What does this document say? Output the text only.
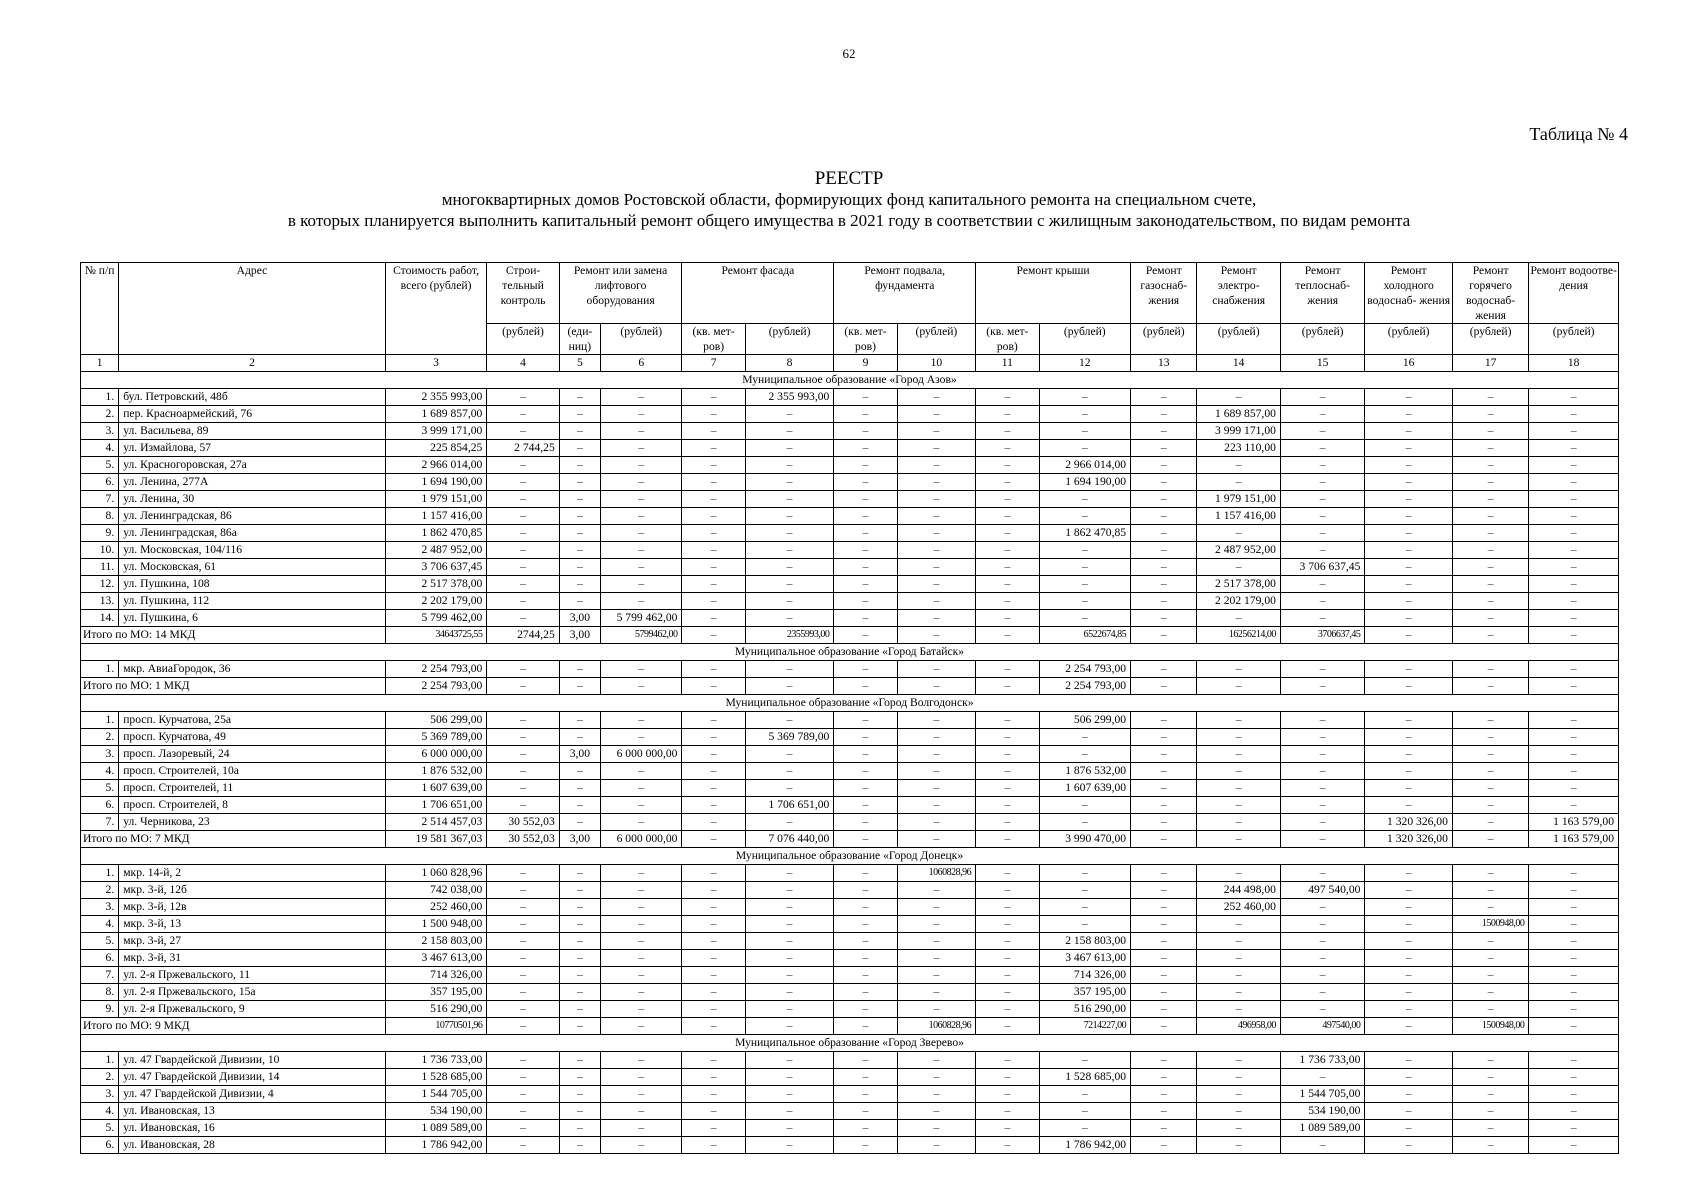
62
Таблица № 4
РЕЕСТР
многоквартирных домов Ростовской области, формирующих фонд капитального ремонта на специальном счете,
в которых планируется выполнить капитальный ремонт общего имущества в 2021 году в соответствии с жилищным законодательством, по видам ремонта
№ п/п	Адрес	Стоимость работ, всего (рублей)	Строи- тельный контроль	Ремонт или замена лифтового оборудования		Ремонт фасада		Ремонт подвала, фундамента		Ремонт крыши		Ремонт газоснаб- жения	Ремонт электро- снабжения	Ремонт теплоснаб- жения	Ремонт холодного водоснаб- жения	Ремонт горячего водоснаб- жения	Ремонт водоотве- дения
			(рублей)	(еди- ниц)	(рублей)	(кв. мет- ров)	(рублей)	(кв. мет- ров)	(рублей)	(кв. мет- ров)	(рублей)	(рублей)	(рублей)	(рублей)	(рублей)	(рублей)	(рублей)
1	2	3	4	5	6	7	8	9	10	11	12	13	14	15	16	17	18
Муниципальное образование «Город Азов»																	
1.	бул. Петровский, 48б	2 355 993,00	–	–	–	–	2 355 993,00	–	–	–	–	–	–	–	–	–	–
2.	пер. Красноармейский, 76	1 689 857,00	–	–	–	–	–	–	–	–	–	–	1 689 857,00	–	–	–	–
3.	ул. Васильева, 89	3 999 171,00	–	–	–	–	–	–	–	–	–	–	3 999 171,00	–	–	–	–
4.	ул. Измайлова, 57	225 854,25	2 744,25	–	–	–	–	–	–	–	–	–	223 110,00	–	–	–	–
5.	ул. Красногоровская, 27а	2 966 014,00	–	–	–	–	–	–	–	–	2 966 014,00	–	–	–	–	–	–
6.	ул. Ленина, 277А	1 694 190,00	–	–	–	–	–	–	–	–	1 694 190,00	–	–	–	–	–	–
7.	ул. Ленина, 30	1 979 151,00	–	–	–	–	–	–	–	–	–	–	1 979 151,00	–	–	–	–
8.	ул. Ленинградская, 86	1 157 416,00	–	–	–	–	–	–	–	–	–	–	1 157 416,00	–	–	–	–
9.	ул. Ленинградская, 86а	1 862 470,85	–	–	–	–	–	–	–	–	1 862 470,85	–	–	–	–	–	–
10.	ул. Московская, 104/116	2 487 952,00	–	–	–	–	–	–	–	–	–	–	2 487 952,00	–	–	–	–
11.	ул. Московская, 61	3 706 637,45	–	–	–	–	–	–	–	–	–	–	–	3 706 637,45	–	–	–
12.	ул. Пушкина, 108	2 517 378,00	–	–	–	–	–	–	–	–	–	–	2 517 378,00	–	–	–	–
13.	ул. Пушкина, 112	2 202 179,00	–	–	–	–	–	–	–	–	–	–	2 202 179,00	–	–	–	–
14.	ул. Пушкина, 6	5 799 462,00	–	3,00	5 799 462,00	–	–	–	–	–	–	–	–	–	–	–	–
Итого по МО: 14 МКД		34643725,55	2744,25	3,00	5799462,00	–	2355993,00	–	–	–	6522674,85	–	16256214,00	3706637,45	–	–	–
Муниципальное образование «Город Батайск»																	
1.	мкр. АвиаГородок, 36	2 254 793,00	–	–	–	–	–	–	–	–	2 254 793,00	–	–	–	–	–	–
Итого по МО: 1 МКД		2 254 793,00	–	–	–	–	–	–	–	–	2 254 793,00	–	–	–	–	–	–
Муниципальное образование «Город Волгодонск»																	
1.	просп. Курчатова, 25а	506 299,00	–	–	–	–	–	–	–	–	506 299,00	–	–	–	–	–	–
2.	просп. Курчатова, 49	5 369 789,00	–	–	–	–	5 369 789,00	–	–	–	–	–	–	–	–	–	–
3.	просп. Лазоревый, 24	6 000 000,00	–	3,00	6 000 000,00	–	–	–	–	–	–	–	–	–	–	–	–
4.	просп. Строителей, 10а	1 876 532,00	–	–	–	–	–	–	–	–	1 876 532,00	–	–	–	–	–	–
5.	просп. Строителей, 11	1 607 639,00	–	–	–	–	–	–	–	–	1 607 639,00	–	–	–	–	–	–
6.	просп. Строителей, 8	1 706 651,00	–	–	–	–	1 706 651,00	–	–	–	–	–	–	–	–	–	–
7.	ул. Черникова, 23	2 514 457,03	30 552,03	–	–	–	–	–	–	–	–	–	–	–	1 320 326,00	–	1 163 579,00
Итого по МО: 7 МКД		19 581 367,03	30 552,03	3,00	6 000 000,00	–	7 076 440,00	–	–	–	3 990 470,00	–	–	–	1 320 326,00	–	1 163 579,00
Муниципальное образование «Город Донецк»																	
1.	мкр. 14-й, 2	1 060 828,96	–	–	–	–	–	–	1060828,96	–	–	–	–	–	–	–	–
2.	мкр. 3-й, 12б	742 038,00	–	–	–	–	–	–	–	–	–	–	244 498,00	497 540,00	–	–	–
3.	мкр. 3-й, 12в	252 460,00	–	–	–	–	–	–	–	–	–	–	252 460,00	–	–	–	–
4.	мкр. 3-й, 13	1 500 948,00	–	–	–	–	–	–	–	–	–	–	–	–	–	1500948,00	–
5.	мкр. 3-й, 27	2 158 803,00	–	–	–	–	–	–	–	–	2 158 803,00	–	–	–	–	–	–
6.	мкр. 3-й, 31	3 467 613,00	–	–	–	–	–	–	–	–	3 467 613,00	–	–	–	–	–	–
7.	ул. 2-я Пржевальского, 11	714 326,00	–	–	–	–	–	–	–	–	714 326,00	–	–	–	–	–	–
8.	ул. 2-я Пржевальского, 15а	357 195,00	–	–	–	–	–	–	–	–	357 195,00	–	–	–	–	–	–
9.	ул. 2-я Пржевальского, 9	516 290,00	–	–	–	–	–	–	–	–	516 290,00	–	–	–	–	–	–
Итого по МО: 9 МКД		10770501,96	–	–	–	–	–	–	1060828,96	–	7214227,00	–	496958,00	497540,00	–	1500948,00	–
Муниципальное образование «Город Зверево»																	
1.	ул. 47 Гвардейской Дивизии, 10	1 736 733,00	–	–	–	–	–	–	–	–	–	–	–	1 736 733,00	–	–	–
2.	ул. 47 Гвардейской Дивизии, 14	1 528 685,00	–	–	–	–	–	–	–	–	1 528 685,00	–	–	–	–	–	–
3.	ул. 47 Гвардейской Дивизии, 4	1 544 705,00	–	–	–	–	–	–	–	–	–	–	–	1 544 705,00	–	–	–
4.	ул. Ивановская, 13	534 190,00	–	–	–	–	–	–	–	–	–	–	–	534 190,00	–	–	–
5.	ул. Ивановская, 16	1 089 589,00	–	–	–	–	–	–	–	–	–	–	–	1 089 589,00	–	–	–
6.	ул. Ивановская, 28	1 786 942,00	–	–	–	–	–	–	–	–	1 786 942,00	–	–	–	–	–	–
